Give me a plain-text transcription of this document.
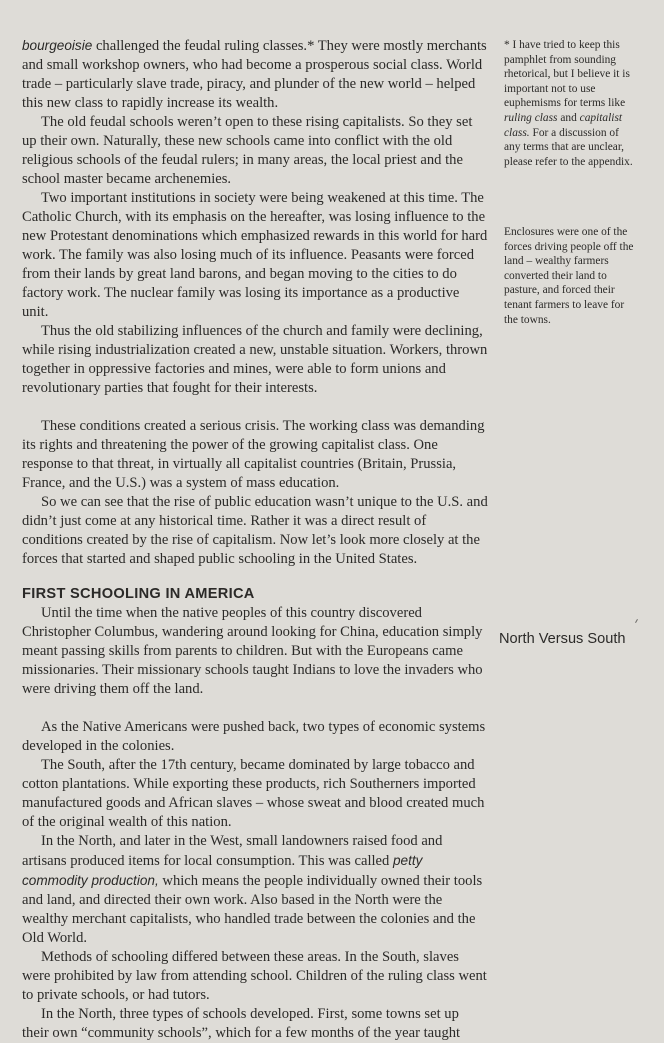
bourgeoisie challenged the feudal ruling classes.* They were mostly merchants and small workshop owners, who had become a prosperous social class. World trade – particularly slave trade, piracy, and plunder of the new world – helped this new class to rapidly increase its wealth.

The old feudal schools weren’t open to these rising capitalists. So they set up their own. Naturally, these new schools came into conflict with the old religious schools of the feudal rulers; in many areas, the local priest and the school master became archenemies.

Two important institutions in society were being weakened at this time. The Catholic Church, with its emphasis on the hereafter, was losing influence to the new Protestant denominations which emphasized rewards in this world for hard work. The family was also losing much of its influence. Peasants were forced from their lands by great land barons, and began moving to the cities to do factory work. The nuclear family was losing its importance as a productive unit.

Thus the old stabilizing influences of the church and family were declining, while rising industrialization created a new, unstable situation. Workers, thrown together in oppressive factories and mines, were able to form unions and revolutionary parties that fought for their interests.

These conditions created a serious crisis. The working class was demanding its rights and threatening the power of the growing capitalist class. One response to that threat, in virtually all capitalist countries (Britain, Prussia, France, and the U.S.) was a system of mass education.

So we can see that the rise of public education wasn’t unique to the U.S. and didn’t just come at any historical time. Rather it was a direct result of conditions created by the rise of capitalism. Now let’s look more closely at the forces that started and shaped public schooling in the United States.

FIRST SCHOOLING IN AMERICA

Until the time when the native peoples of this country discovered Christopher Columbus, wandering around looking for China, education simply meant passing skills from parents to children. But with the Europeans came missionaries. Their missionary schools taught Indians to love the invaders who were driving them off the land.

As the Native Americans were pushed back, two types of economic systems developed in the colonies.

The South, after the 17th century, became dominated by large tobacco and cotton plantations. While exporting these products, rich Southerners imported manufactured goods and African slaves – whose sweat and blood created much of the original wealth of this nation.

In the North, and later in the West, small landowners raised food and artisans produced items for local consumption. This was called petty commodity production, which means the people individually owned their tools and land, and directed their own work. Also based in the North were the wealthy merchant capitalists, who handled trade between the colonies and the Old World.

Methods of schooling differed between these areas. In the South, slaves were prohibited by law from attending school. Children of the ruling class went to private schools, or had tutors.

In the North, three types of schools developed. First, some towns set up their own “community schools”, which for a few months of the year taught

* I have tried to keep this pamphlet from sounding rhetorical, but I believe it is important not to use euphemisms for terms like ruling class and capitalist class. For a discussion of any terms that are unclear, please refer to the appendix.

Enclosures were one of the forces driving people off the land – wealthy farmers converted their land to pasture, and forced their tenant farmers to leave for the towns.

North Versus South
